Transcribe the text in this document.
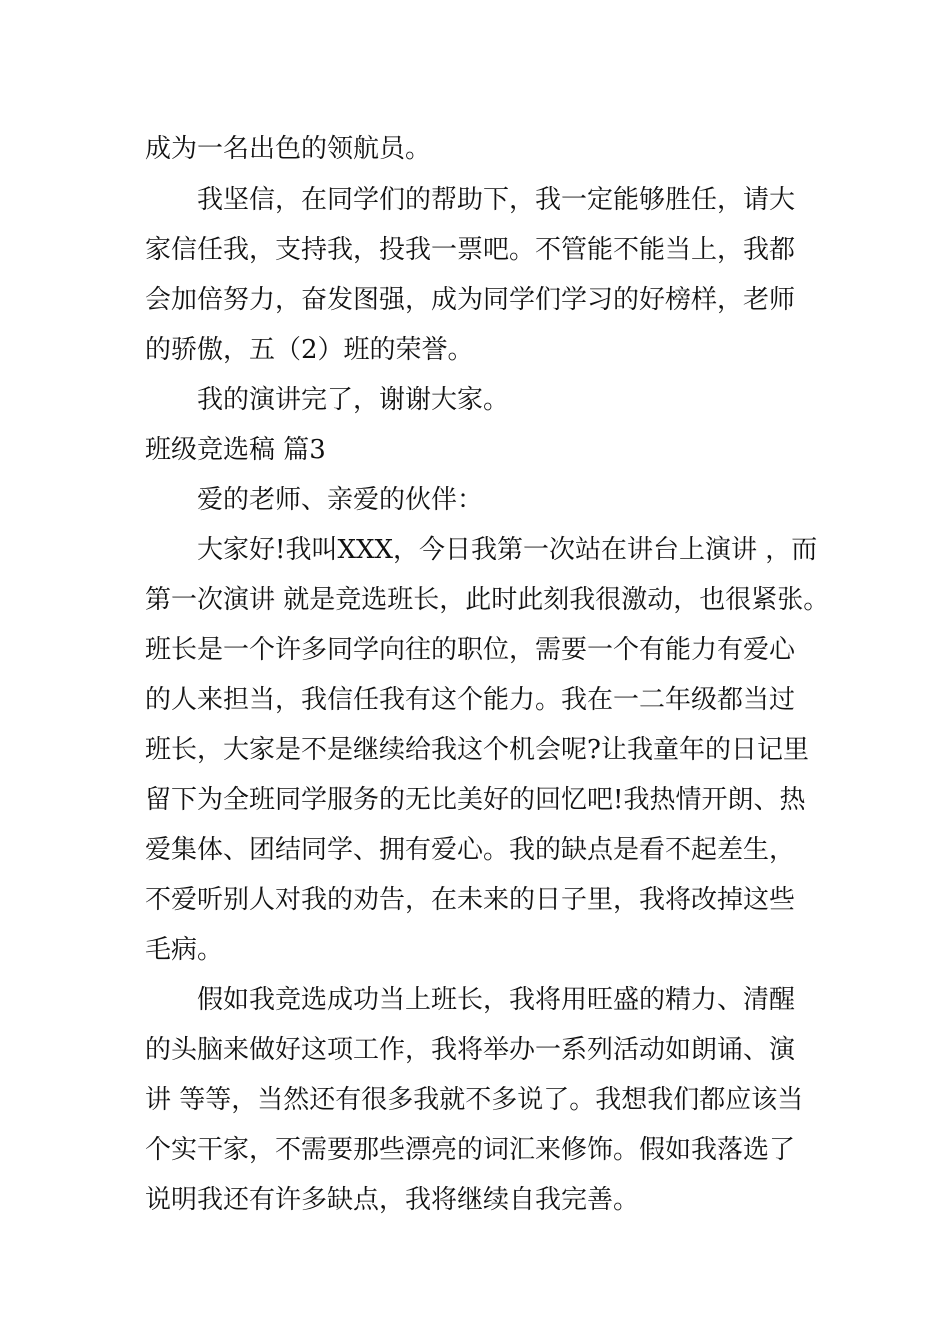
成为一名出色的领航员。
我坚信，在同学们的帮助下，我一定能够胜任，请大
家信任我，支持我，投我一票吧。不管能不能当上，我都
会加倍努力，奋发图强，成为同学们学习的好榜样，老师
的骄傲，五（2）班的荣誉。
我的演讲完了，谢谢大家。
班级竞选稿 篇3
爱的老师、亲爱的伙伴：
大家好!我叫XXX，今日我第一次站在讲台上演讲 ，而
第一次演讲 就是竞选班长，此时此刻我很激动，也很紧张。
班长是一个许多同学向往的职位，需要一个有能力有爱心
的人来担当，我信任我有这个能力。我在一二年级都当过
班长，大家是不是继续给我这个机会呢?让我童年的日记里
留下为全班同学服务的无比美好的回忆吧!我热情开朗、热
爱集体、团结同学、拥有爱心。我的缺点是看不起差生，
不爱听别人对我的劝告，在未来的日子里，我将改掉这些
毛病。
假如我竞选成功当上班长，我将用旺盛的精力、清醒
的头脑来做好这项工作，我将举办一系列活动如朗诵、演
讲 等等，当然还有很多我就不多说了。我想我们都应该当
个实干家，不需要那些漂亮的词汇来修饰。假如我落选了
说明我还有许多缺点，我将继续自我完善。
